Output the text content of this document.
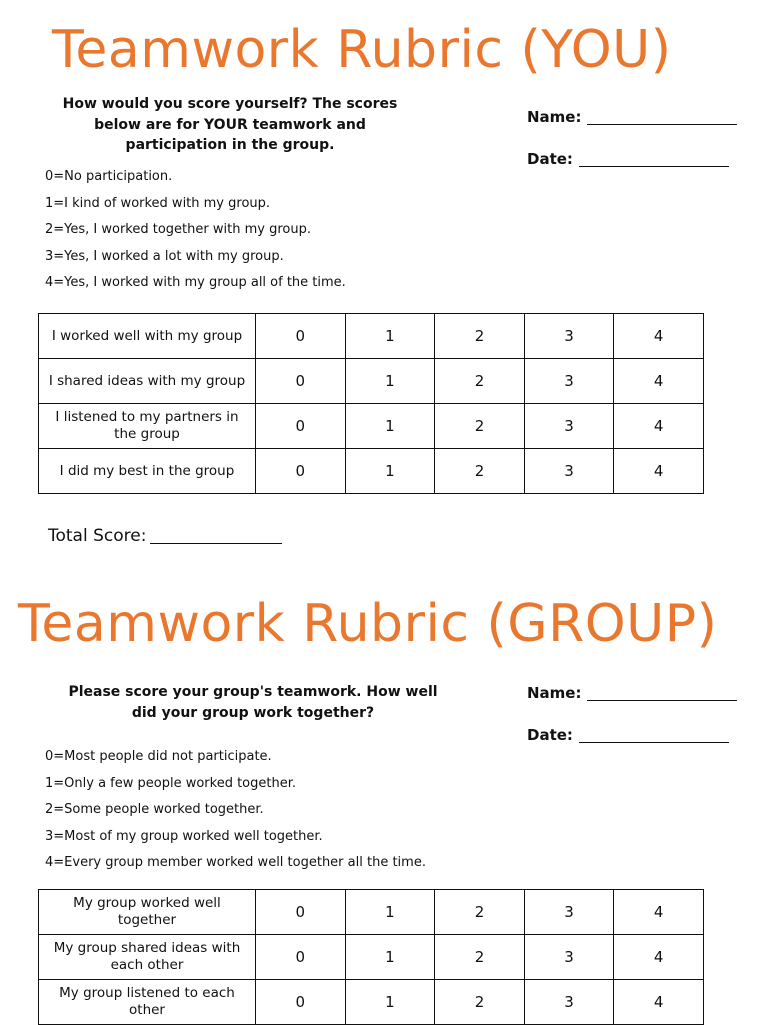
Teamwork Rubric (YOU)

How would you score yourself? The scores
below are for YOUR teamwork and
participation in the group.

Name:
Date:
0=No participation.
1=I kind of worked with my group.
2=Yes, I worked together with my group.
3=Yes, I worked a lot with my group.
4=Yes, I worked with my group all of the time.
I worked well with my group	0	1	2	3	4
I shared ideas with my group	0	1	2	3	4
I listened to my partners in the group	0	1	2	3	4
I did my best in the group	0	1	2	3	4
Total Score:
Teamwork Rubric (GROUP)

Please score your group's teamwork. How well
did your group work together?

Name:
Date:
0=Most people did not participate.
1=Only a few people worked together.
2=Some people worked together.
3=Most of my group worked well together.
4=Every group member worked well together all the time.
My group worked well together	0	1	2	3	4
My group shared ideas with each other	0	1	2	3	4
My group listened to each other	0	1	2	3	4
